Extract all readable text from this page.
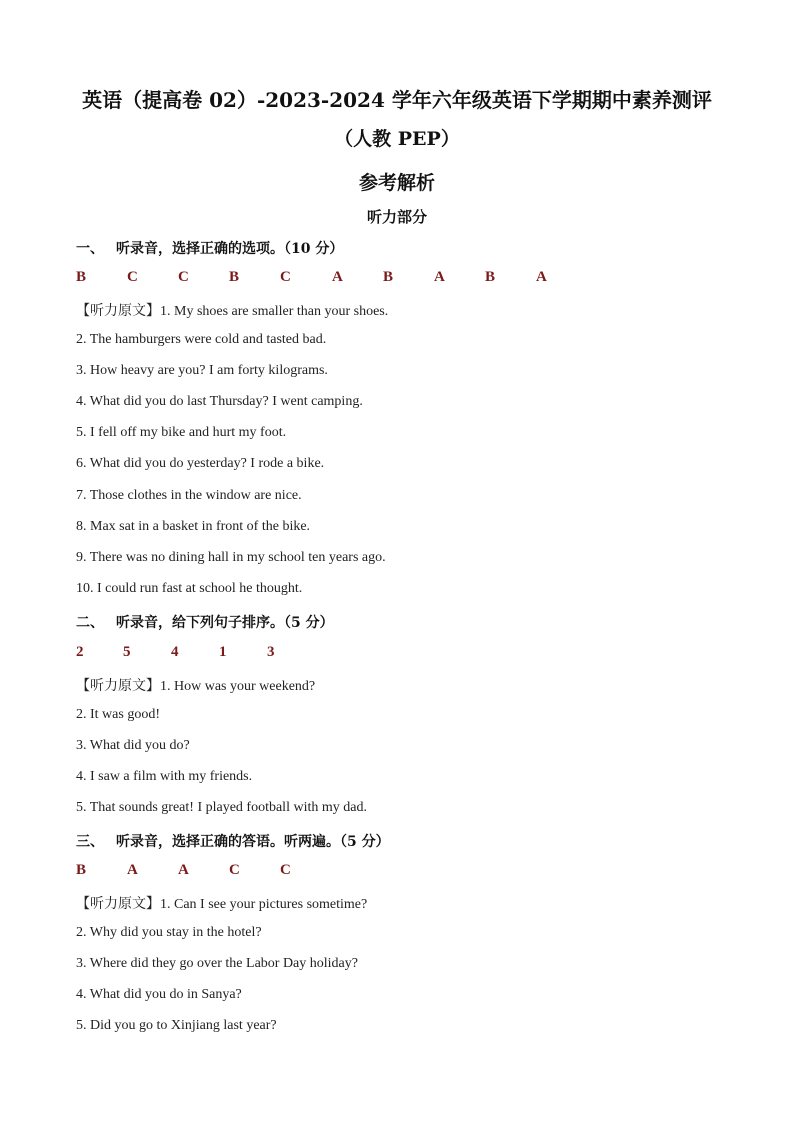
英语（提高卷 02）-2023-2024 学年六年级英语下学期期中素养测评
（人教 PEP）
参考解析
听力部分
一、 听录音，选择正确的选项。（10 分）
B	C	C	B	C	A	B	A	B	A
【听力原文】1. My shoes are smaller than your shoes.
2. The hamburgers were cold and tasted bad.
3. How heavy are you? I am forty kilograms.
4. What did you do last Thursday? I went camping.
5. I fell off my bike and hurt my foot.
6. What did you do yesterday? I rode a bike.
7. Those clothes in the window are nice.
8. Max sat in a basket in front of the bike.
9. There was no dining hall in my school ten years ago.
10. I could run fast at school he thought.
二、 听录音，给下列句子排序。（5 分）
2	5	4	1	3
【听力原文】1. How was your weekend?
2. It was good!
3. What did you do?
4. I saw a film with my friends.
5. That sounds great! I played football with my dad.
三、 听录音，选择正确的答语。听两遍。（5 分）
B	A	A	C	C
【听力原文】1. Can I see your pictures sometime?
2. Why did you stay in the hotel?
3. Where did they go over the Labor Day holiday?
4. What did you do in Sanya?
5. Did you go to Xinjiang last year?
